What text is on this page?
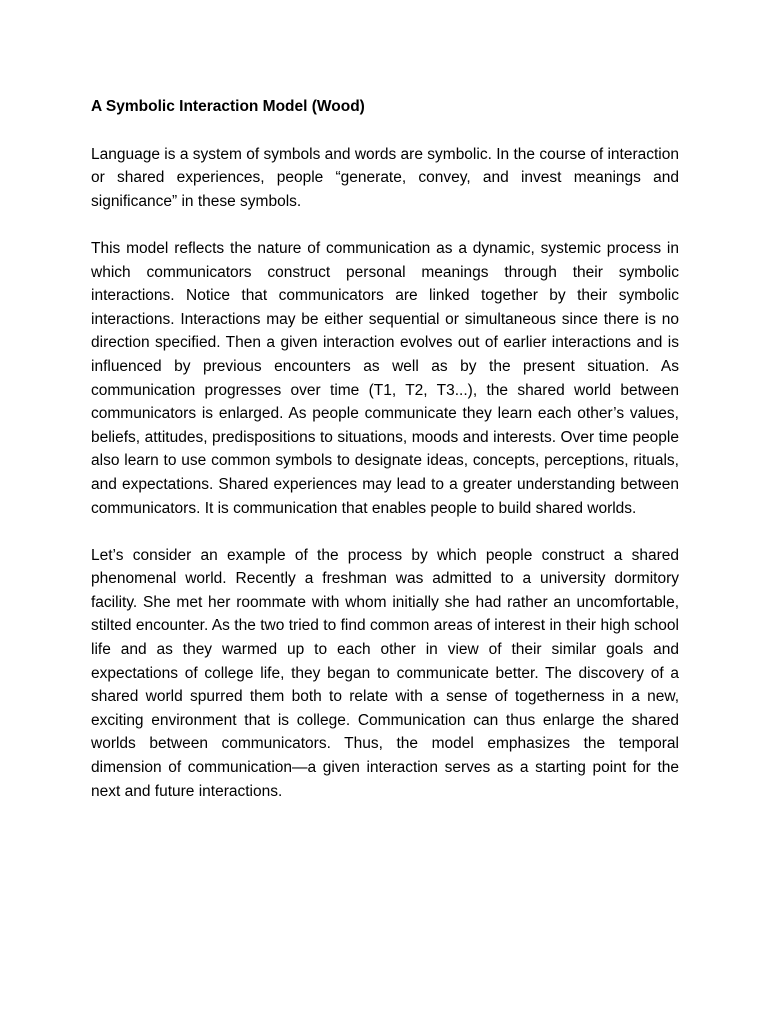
A Symbolic Interaction Model (Wood)

Language is a system of symbols and words are symbolic. In the course of interaction or shared experiences, people “generate, convey, and invest meanings and significance” in these symbols.

This model reflects the nature of communication as a dynamic, systemic process in which communicators construct personal meanings through their symbolic interactions. Notice that communicators are linked together by their symbolic interactions. Interactions may be either sequential or simultaneous since there is no direction specified. Then a given interaction evolves out of earlier interactions and is influenced by previous encounters as well as by the present situation. As communication progresses over time (T1, T2, T3...), the shared world between communicators is enlarged. As people communicate they learn each other’s values, beliefs, attitudes, predispositions to situations, moods and interests. Over time people also learn to use common symbols to designate ideas, concepts, perceptions, rituals, and expectations. Shared experiences may lead to a greater understanding between communicators. It is communication that enables people to build shared worlds.

Let’s consider an example of the process by which people construct a shared phenomenal world. Recently a freshman was admitted to a university dormitory facility. She met her roommate with whom initially she had rather an uncomfortable, stilted encounter. As the two tried to find common areas of interest in their high school life and as they warmed up to each other in view of their similar goals and expectations of college life, they began to communicate better. The discovery of a shared world spurred them both to relate with a sense of togetherness in a new, exciting environment that is college. Communication can thus enlarge the shared worlds between communicators. Thus, the model emphasizes the temporal dimension of communication—a given interaction serves as a starting point for the next and future interactions.
